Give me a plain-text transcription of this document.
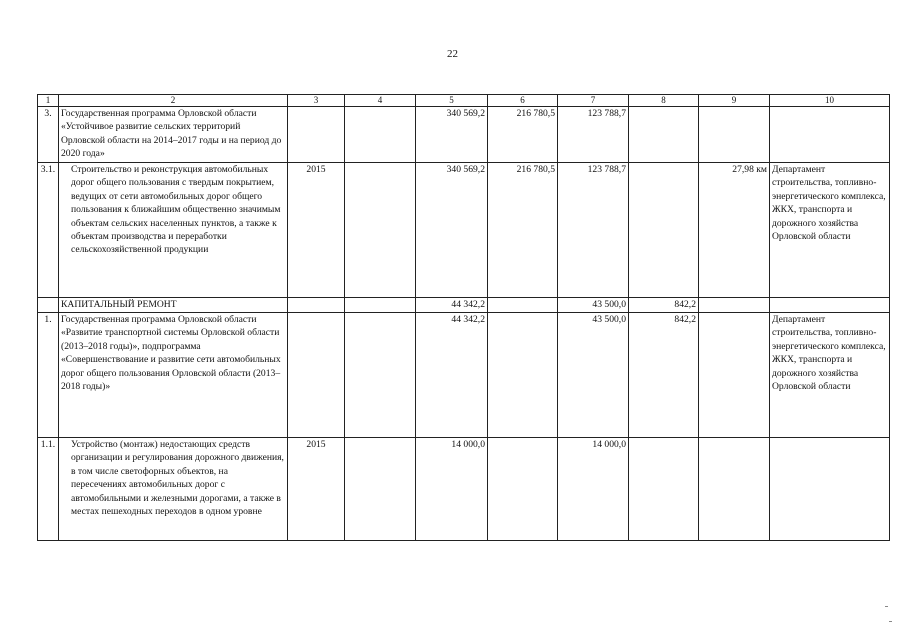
22
1	2	3	4	5	6	7	8	9	10
3.	Государственная программа Орловской области «Устойчивое развитие сельских территорий Орловской области на 2014–2017 годы и на период до 2020 года»			340 569,2	216 780,5	123 788,7			
3.1.	Строительство и реконструкция автомобильных дорог общего пользования с твердым покрытием, ведущих от сети автомобильных дорог общего пользования к ближайшим общественно значимым объектам сельских населенных пунктов, а также к объектам производства и переработки сельскохозяйственной продукции	2015		340 569,2	216 780,5	123 788,7		27,98 км	Департамент строительства, топливно-энергетического комплекса, ЖКХ, транспорта и дорожного хозяйства Орловской области
	КАПИТАЛЬНЫЙ РЕМОНТ			44 342,2		43 500,0	842,2		
1.	Государственная программа Орловской области «Развитие транспортной системы Орловской области (2013–2018 годы)», подпрограмма «Совершенствование и развитие сети автомобильных дорог общего пользования Орловской области (2013–2018 годы)»			44 342,2		43 500,0	842,2		Департамент строительства, топливно-энергетического комплекса, ЖКХ, транспорта и дорожного хозяйства Орловской области
1.1.	Устройство (монтаж) недостающих средств организации и регулирования дорожного движения, в том числе светофорных объектов, на пересечениях автомобильных дорог с автомобильными и железными дорогами, а также в местах пешеходных переходов в одном уровне	2015		14 000,0		14 000,0			
